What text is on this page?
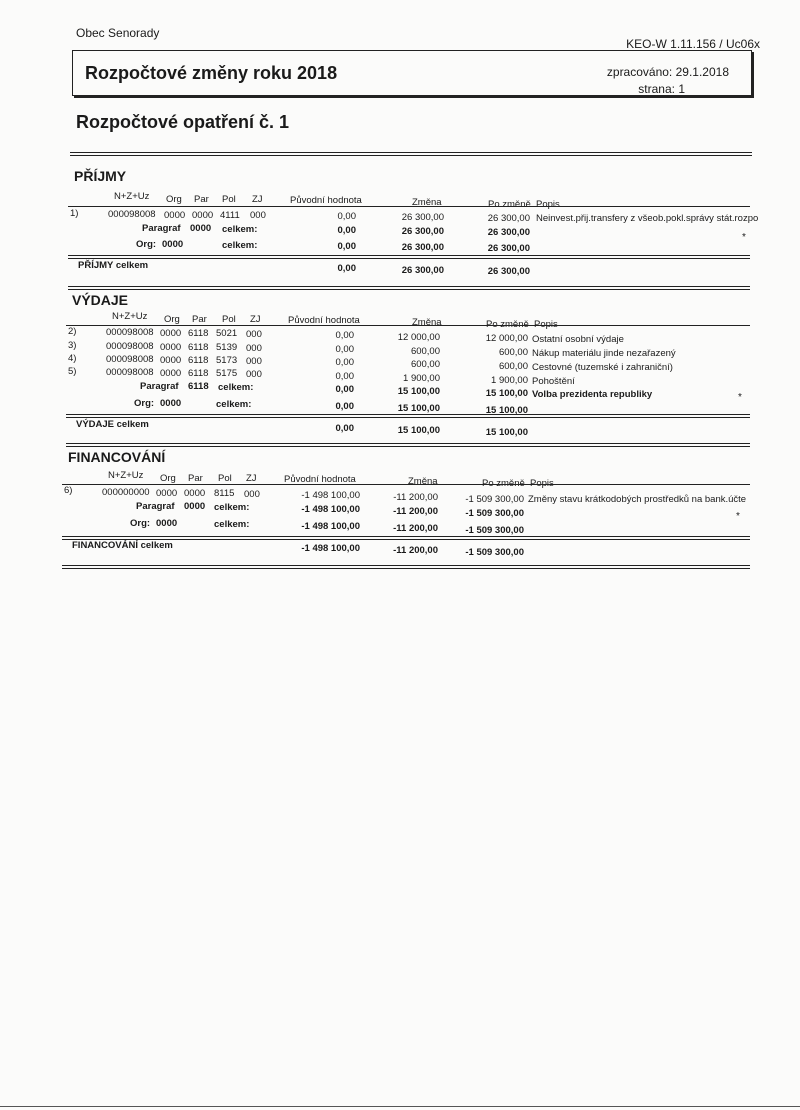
Obec Senorady
KEO-W 1.11.156 / Uc06x
Rozpočtové změny roku 2018	zpracováno: 29.1.2018
strana: 1
Rozpočtové opatření č. 1
PŘÍJMY
N+Z+Uz Org Par Pol ZJ	Původní hodnota	Změna	Po změně Popis
1)	000098008 0000 0000 4111 000	0,00	26 300,00	26 300,00 Neinvest.přij.transfery z všeob.pokl.správy stát.rozpo
Paragraf 0000 celkem:	0,00	26 300,00	26 300,00	*
Org: 0000	celkem:	0,00	26 300,00	26 300,00
PŘÍJMY celkem	0,00	26 300,00	26 300,00
VÝDAJE
N+Z+Uz Org Par Pol ZJ	Původní hodnota	Změna	Po změně Popis
2)	000098008 0000 6118 5021 000	0,00	12 000,00	12 000,00 Ostatní osobní výdaje
3)	000098008 0000 6118 5139 000	0,00	600,00	600,00 Nákup materiálu jinde nezařazený
4)	000098008 0000 6118 5173 000	0,00	600,00	600,00 Cestovné (tuzemské i zahraniční)
5)	000098008 0000 6118 5175 000	0,00	1 900,00	1 900,00 Pohoštění
Paragraf 6118 celkem:	0,00	15 100,00	15 100,00 Volba prezidenta republiky	*
Org: 0000	celkem:	0,00	15 100,00	15 100,00
VÝDAJE celkem	0,00	15 100,00	15 100,00
FINANCOVÁNÍ
N+Z+Uz Org Par Pol ZJ	Původní hodnota	Změna	Po změně Popis
6)	000000000 0000 0000 8115 000	-1 498 100,00	-11 200,00	-1 509 300,00 Změny stavu krátkodobých prostředků na bank.účte
Paragraf 0000 celkem:	-1 498 100,00	-11 200,00	-1 509 300,00	*
Org: 0000	celkem:	-1 498 100,00	-11 200,00	-1 509 300,00
FINANCOVÁNÍ celkem	-1 498 100,00	-11 200,00	-1 509 300,00
